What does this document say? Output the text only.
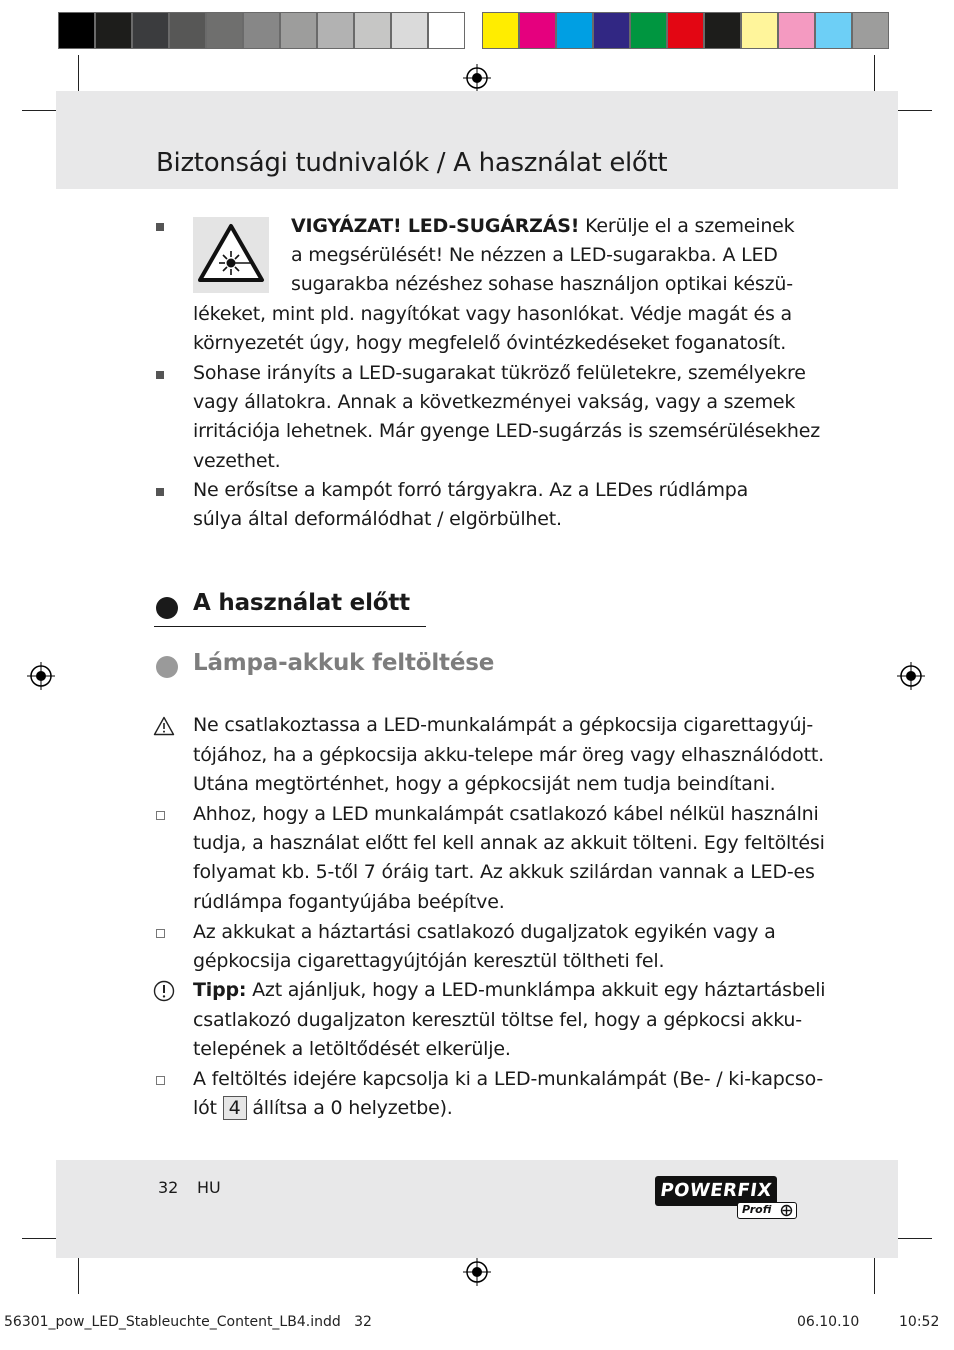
Biztonsági tudnivalók / A használat előtt
VIGYÁZAT! LED-SUGÁRZÁS! Kerülje el a szemeinek
a megsérülését! Ne nézzen a LED-sugarakba. A LED
sugarakba nézéshez sohase használjon optikai készü-
lékeket, mint pld. nagyítókat vagy hasonlókat. Védje magát és a
környezetét úgy, hogy megfelelő óvintézkedéseket foganatosít.
Sohase irányíts a LED-sugarakat tükröző felületekre, személyekre
vagy állatokra. Annak a következményei vakság, vagy a szemek
irritációja lehetnek. Már gyenge LED-sugárzás is szemsérülésekhez
vezethet.
Ne erősítse a kampót forró tárgyakra. Az a LEDes rúdlámpa
súlya által deformálódhat / elgörbülhet.
A használat előtt
Lámpa-akkuk feltöltése
Ne csatlakoztassa a LED-munkalámpát a gépkocsija cigarettagyúj-
tójához, ha a gépkocsija akku-telepe már öreg vagy elhasználódott.
Utána megtörténhet, hogy a gépkocsiját nem tudja beindítani.
Ahhoz, hogy a LED munkalámpát csatlakozó kábel nélkül használni
tudja, a használat előtt fel kell annak az akkuit tölteni. Egy feltöltési
folyamat kb. 5-től 7 óráig tart. Az akkuk szilárdan vannak a LED-es
rúdlámpa fogantyújába beépítve.
Az akkukat a háztartási csatlakozó dugaljzatok egyikén vagy a
gépkocsija cigarettagyújtóján keresztül töltheti fel.
Tipp: Azt ajánljuk, hogy a LED-munklámpa akkuit egy háztartásbeli
csatlakozó dugaljzaton keresztül töltse fel, hogy a gépkocsi akku-
telepének a letöltődését elkerülje.
A feltöltés idejére kapcsolja ki a LED-munkalámpát (Be- / ki-kapcso-
lót 4 állítsa a 0 helyzetbe).
32 HU	POWERFIX
Profi
56301_pow_LED_Stableuchte_Content_LB4.indd   32	06.10.10	10:52
